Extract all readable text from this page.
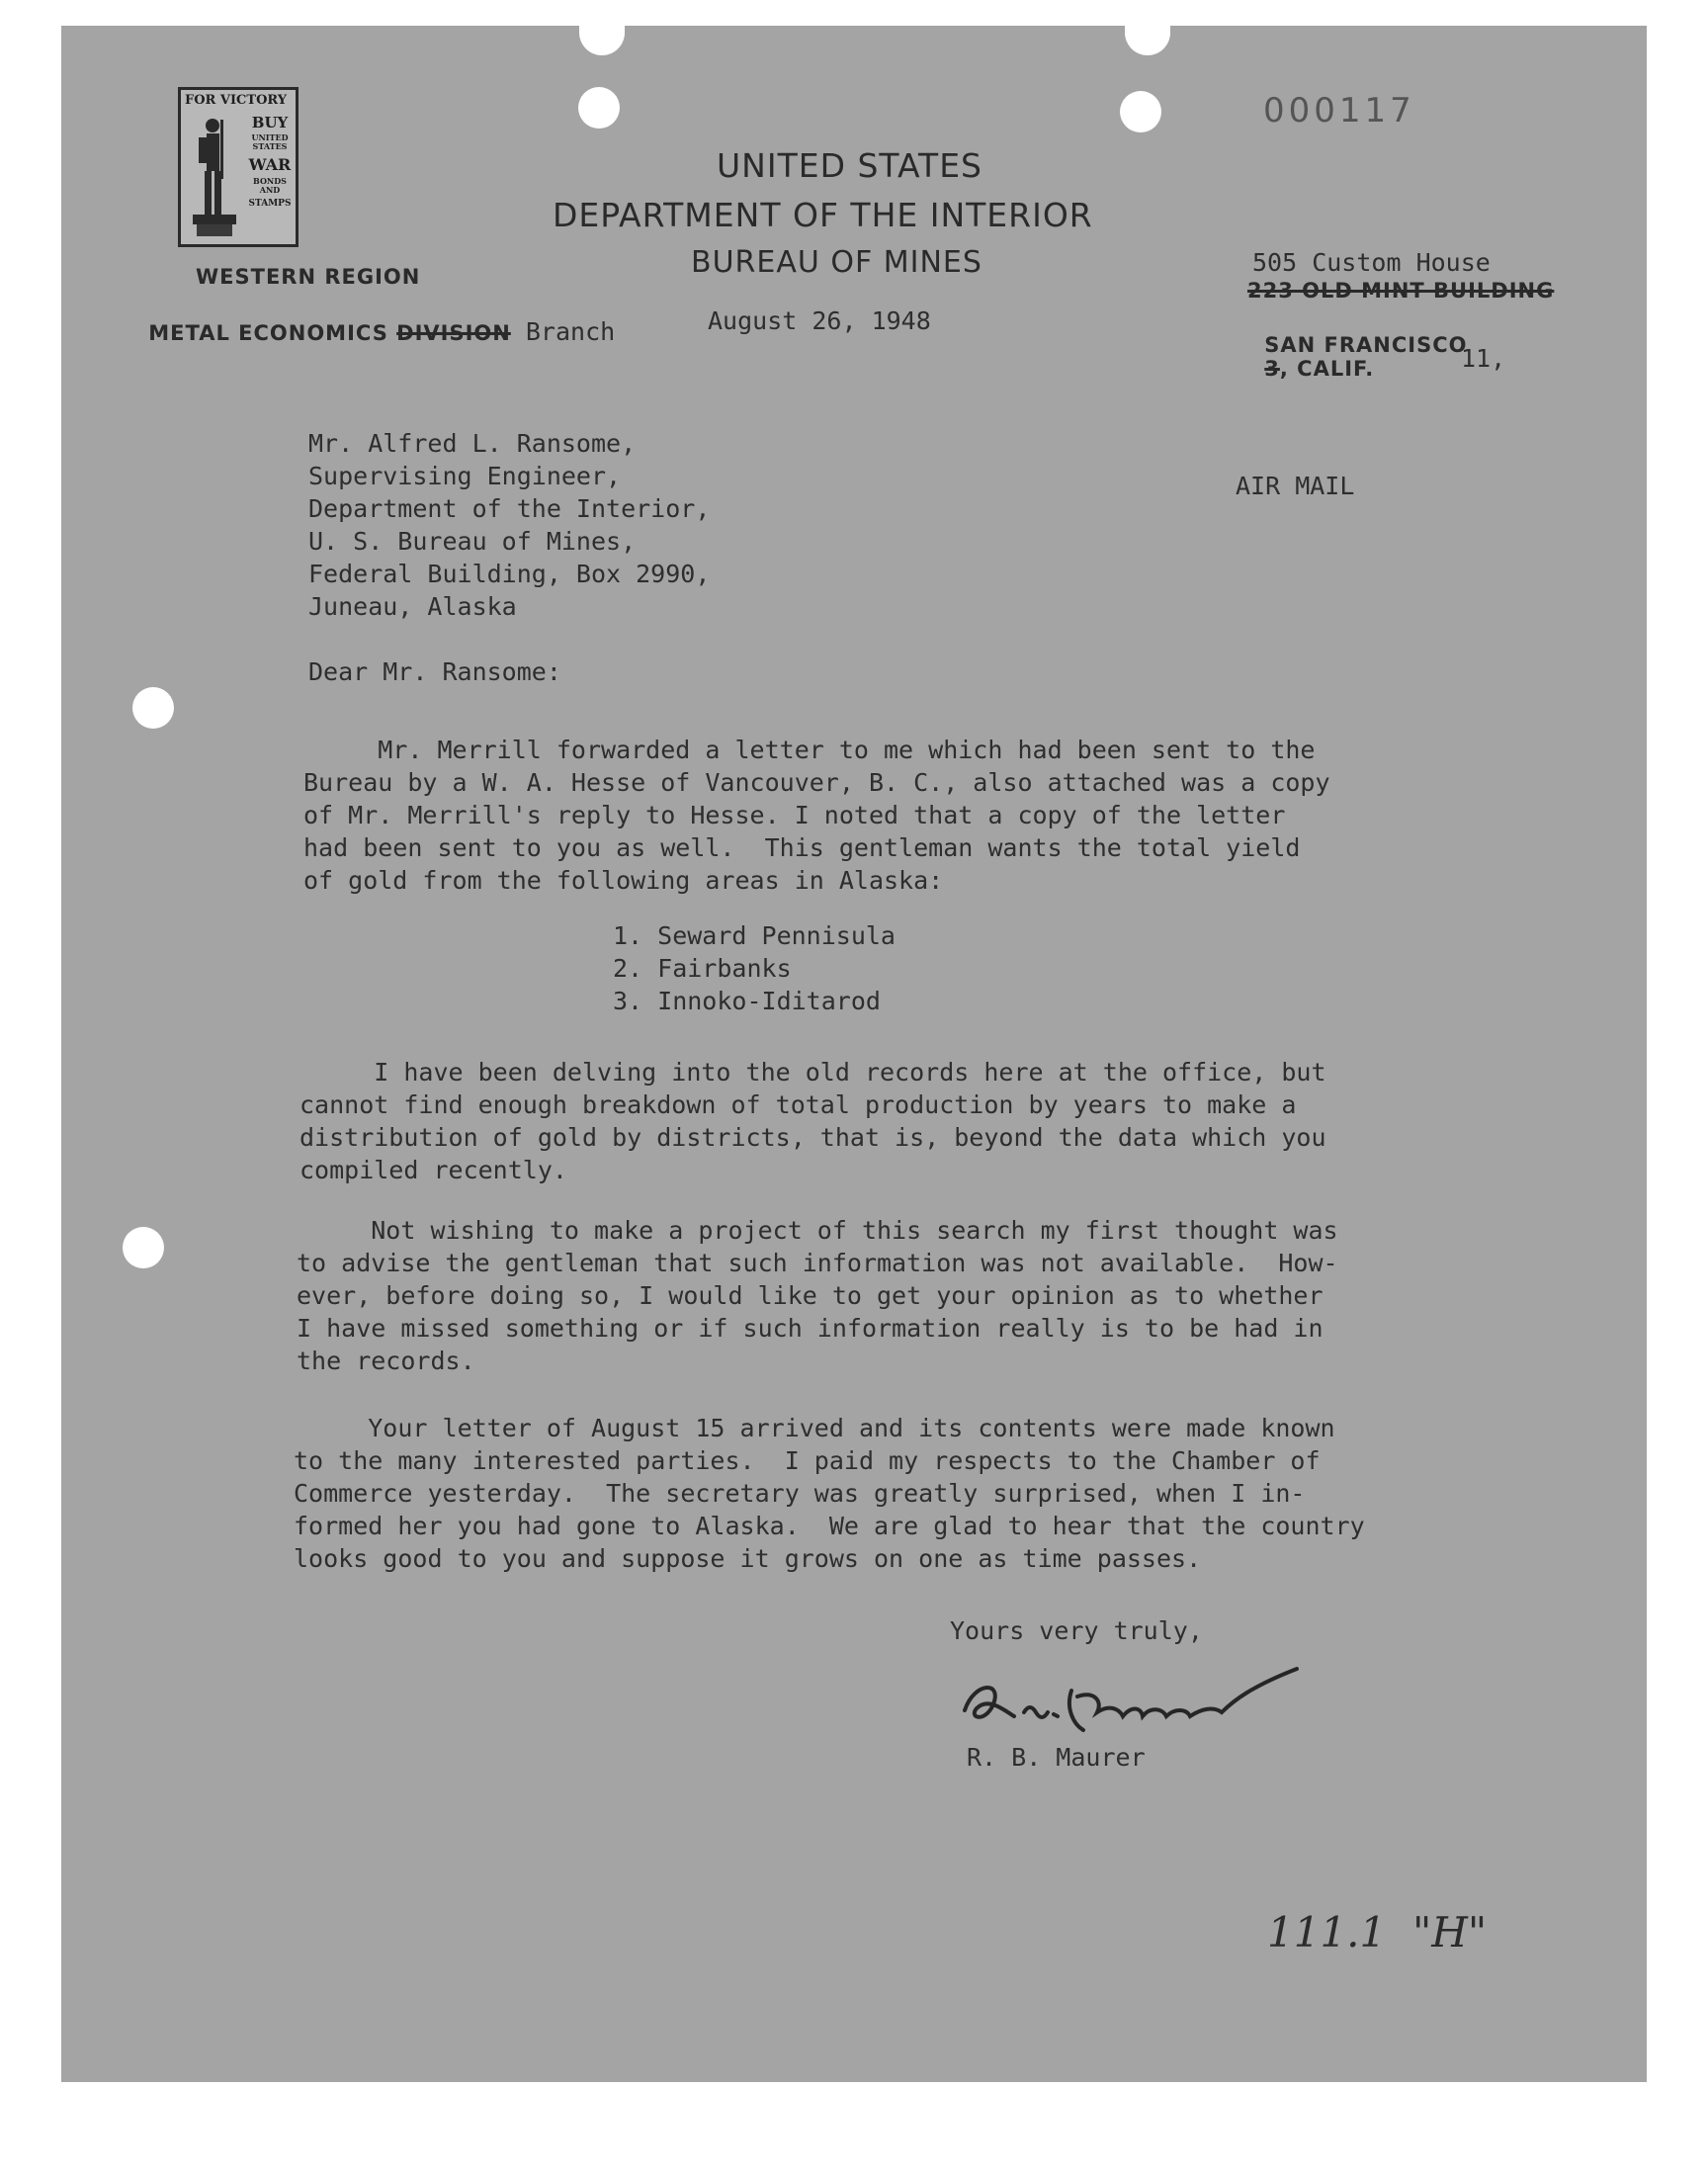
FOR VICTORY
BUY
UNITED STATES
WAR
BONDS AND
STAMPS
000117
UNITED STATES
DEPARTMENT OF THE INTERIOR
BUREAU OF MINES
WESTERN REGION

METAL ECONOMICS DIVISION Branch	August 26, 1948
505 Custom House
223 OLD MINT BUILDING

SAN FRANCISCO
3, CALIF.	11,
AIR MAIL
Mr. Alfred L. Ransome,
Supervising Engineer,
Department of the Interior,
U. S. Bureau of Mines,
Federal Building, Box 2990,
Juneau, Alaska
Dear Mr. Ransome:
Mr. Merrill forwarded a letter to me which had been sent to the
Bureau by a W. A. Hesse of Vancouver, B. C., also attached was a copy
of Mr. Merrill's reply to Hesse. I noted that a copy of the letter
had been sent to you as well.  This gentleman wants the total yield
of gold from the following areas in Alaska:
1. Seward Pennisula
2. Fairbanks
3. Innoko-Iditarod
I have been delving into the old records here at the office, but
cannot find enough breakdown of total production by years to make a
distribution of gold by districts, that is, beyond the data which you
compiled recently.
Not wishing to make a project of this search my first thought was
to advise the gentleman that such information was not available.  How-
ever, before doing so, I would like to get your opinion as to whether
I have missed something or if such information really is to be had in
the records.
Your letter of August 15 arrived and its contents were made known
to the many interested parties.  I paid my respects to the Chamber of
Commerce yesterday.  The secretary was greatly surprised, when I in-
formed her you had gone to Alaska.  We are glad to hear that the country
looks good to you and suppose it grows on one as time passes.
Yours very truly,
R. B. Maurer
111.1  "H"
